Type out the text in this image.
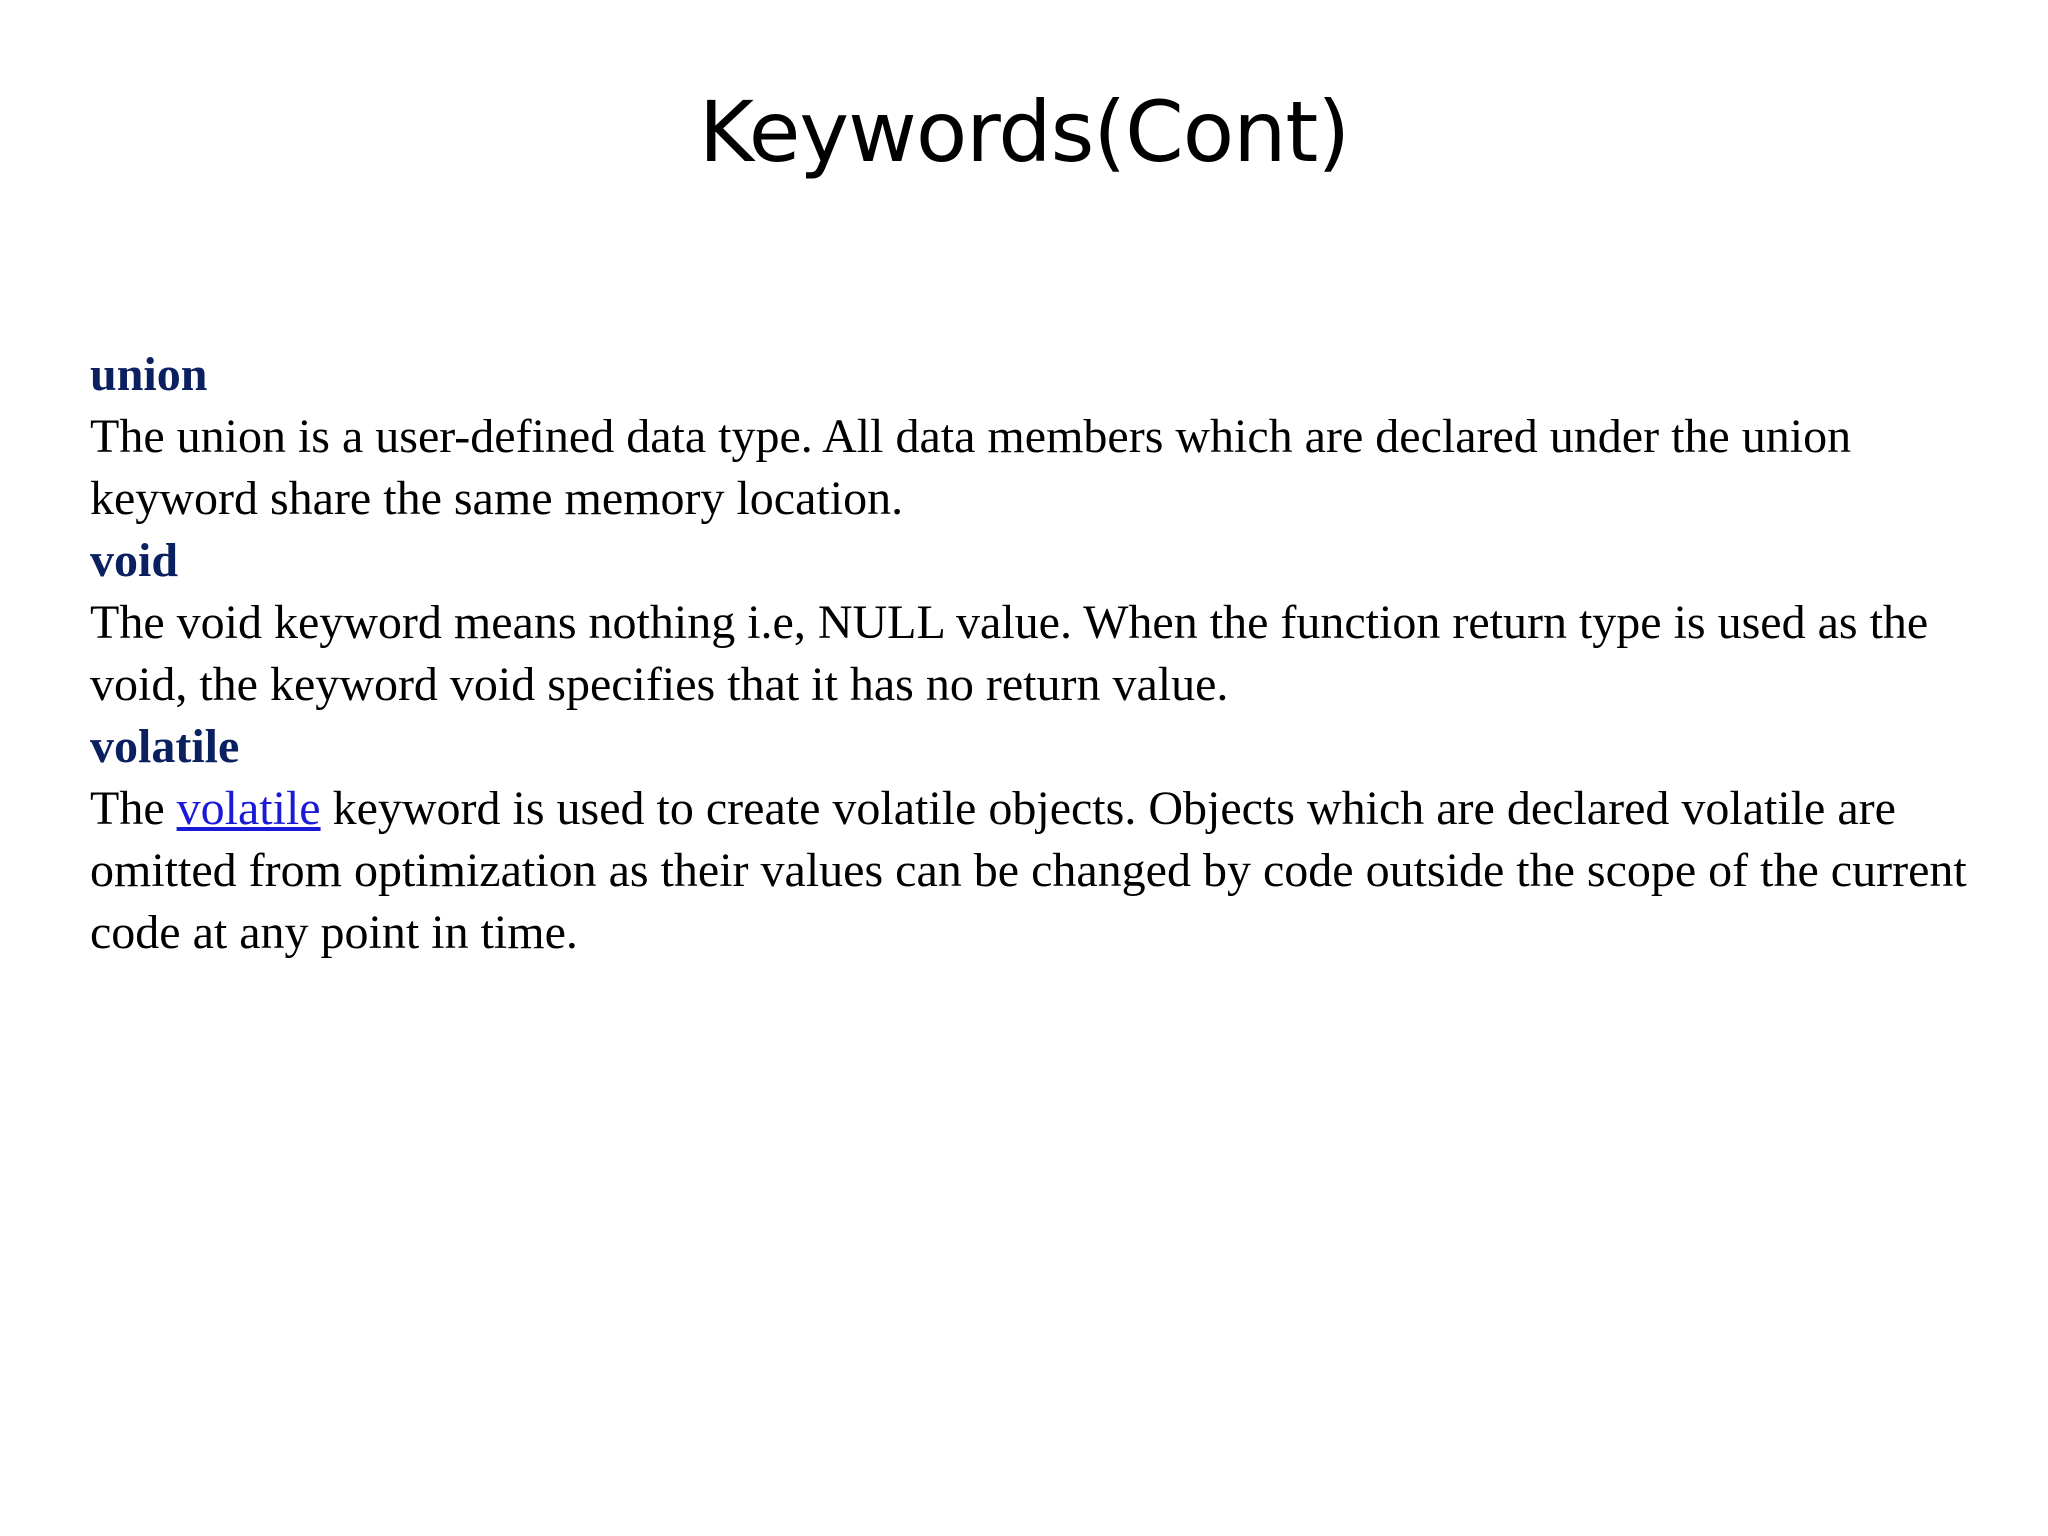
Keywords(Cont)
union

The union is a user-defined data type. All data members which are declared under the union keyword share the same memory location.

void

The void keyword means nothing i.e, NULL value. When the function return type is used as the void, the keyword void specifies that it has no return value.

volatile

The volatile keyword is used to create volatile objects. Objects which are declared volatile are omitted from optimization as their values can be changed by code outside the scope of the current code at any point in time.
